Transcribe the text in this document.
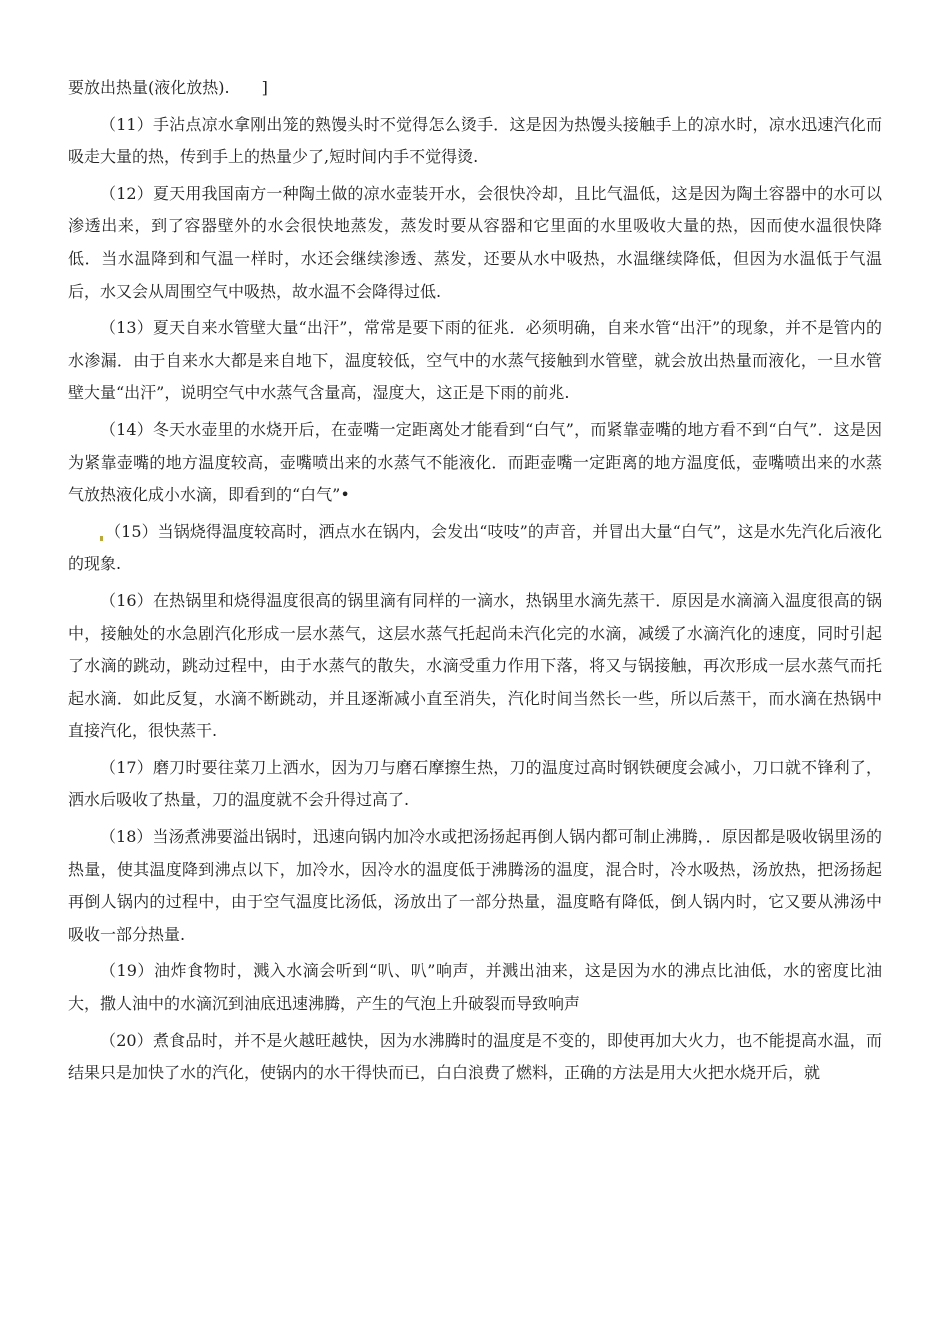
要放出热量(液化放热).　　]

（11）手沾点凉水拿刚出笼的熟馒头时不觉得怎么烫手．这是因为热馒头接触手上的凉水时，凉水迅速汽化而吸走大量的热，传到手上的热量少了,短时间内手不觉得烫.

（12）夏天用我国南方一种陶土做的凉水壶装开水，会很快冷却，且比气温低，这是因为陶土容器中的水可以渗透出来，到了容器壁外的水会很快地蒸发，蒸发时要从容器和它里面的水里吸收大量的热，因而使水温很快降低．当水温降到和气温一样时，水还会继续渗透、蒸发，还要从水中吸热，水温继续降低，但因为水温低于气温后，水又会从周围空气中吸热，故水温不会降得过低.

（13）夏天自来水管壁大量“出汗”，常常是要下雨的征兆．必须明确，自来水管“出汗”的现象，并不是管内的水渗漏．由于自来水大都是来自地下，温度较低，空气中的水蒸气接触到水管壁，就会放出热量而液化，一旦水管壁大量“出汗”，说明空气中水蒸气含量高，湿度大，这正是下雨的前兆.

（14）冬天水壶里的水烧开后，在壶嘴一定距离处才能看到“白气”，而紧靠壶嘴的地方看不到“白气”．这是因为紧靠壶嘴的地方温度较高，壶嘴喷出来的水蒸气不能液化．而距壶嘴一定距离的地方温度低，壶嘴喷出来的水蒸气放热液化成小水滴，即看到的“白气”•

（15）当锅烧得温度较高时，洒点水在锅内，会发出“吱吱”的声音，并冒出大量“白气”，这是水先汽化后液化的现象.

（16）在热锅里和烧得温度很高的锅里滴有同样的一滴水，热锅里水滴先蒸干．原因是水滴滴入温度很高的锅中，接触处的水急剧汽化形成一层水蒸气，这层水蒸气托起尚未汽化完的水滴，减缓了水滴汽化的速度，同时引起了水滴的跳动，跳动过程中，由于水蒸气的散失，水滴受重力作用下落，将又与锅接触，再次形成一层水蒸气而托起水滴．如此反复，水滴不断跳动，并且逐渐减小直至消失，汽化时间当然长一些，所以后蒸干，而水滴在热锅中直接汽化，很快蒸干.

（17）磨刀时要往菜刀上洒水，因为刀与磨石摩擦生热，刀的温度过高时钢铁硬度会减小，刀口就不锋利了，洒水后吸收了热量，刀的温度就不会升得过高了.

（18）当汤煮沸要溢出锅时，迅速向锅内加冷水或把汤扬起再倒人锅内都可制止沸腾，．原因都是吸收锅里汤的热量，使其温度降到沸点以下，加冷水，因冷水的温度低于沸腾汤的温度，混合时，冷水吸热，汤放热，把汤扬起再倒人锅内的过程中，由于空气温度比汤低，汤放出了一部分热量，温度略有降低，倒人锅内时，它又要从沸汤中吸收一部分热量.

（19）油炸食物时，溅入水滴会听到“叭、叭”响声，并溅出油来，这是因为水的沸点比油低，水的密度比油大，撒人油中的水滴沉到油底迅速沸腾，产生的气泡上升破裂而导致响声

（20）煮食品时，并不是火越旺越快，因为水沸腾时的温度是不变的，即使再加大火力，也不能提高水温，而结果只是加快了水的汽化，使锅内的水干得快而已，白白浪费了燃料，正确的方法是用大火把水烧开后，就
